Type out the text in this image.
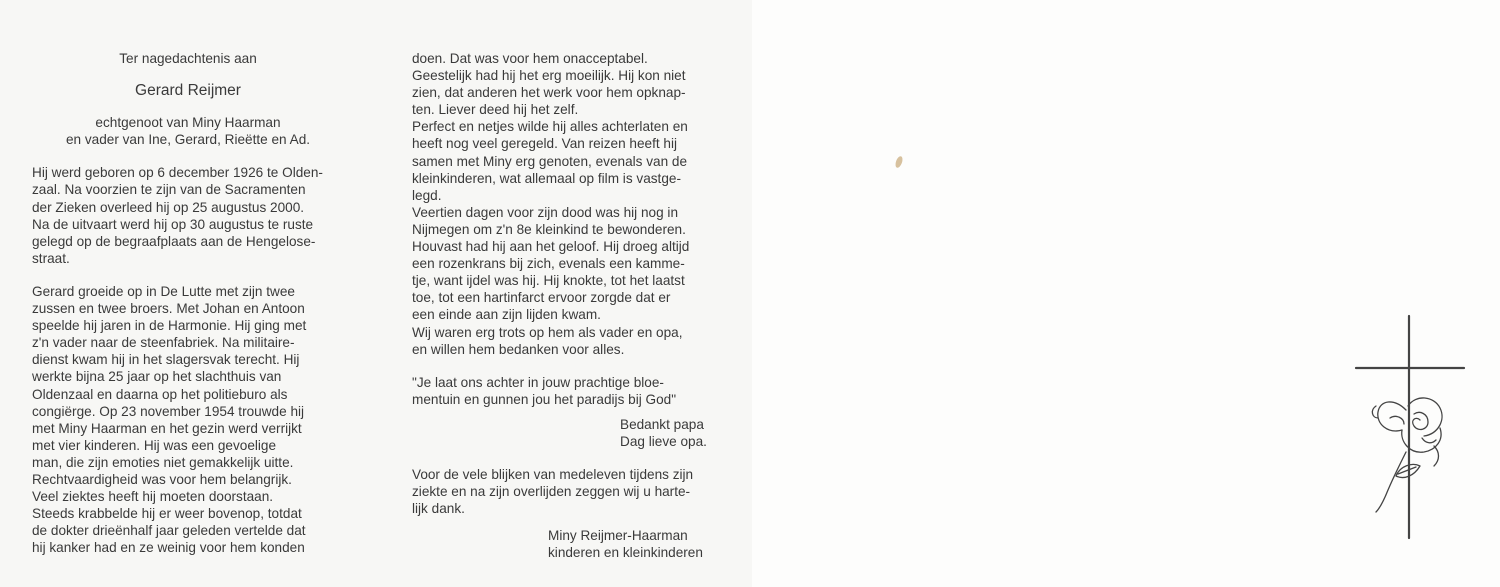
Ter nagedachtenis aan
Gerard Reijmer
echtgenoot van Miny Haarman
en vader van Ine, Gerard, Rieëtte en Ad.
Hij werd geboren op 6 december 1926 te Olden-
zaal. Na voorzien te zijn van de Sacramenten
der Zieken overleed hij op 25 augustus 2000.
Na de uitvaart werd hij op 30 augustus te ruste
gelegd op de begraafplaats aan de Hengelose-
straat.
Gerard groeide op in De Lutte met zijn twee
zussen en twee broers. Met Johan en Antoon
speelde hij jaren in de Harmonie. Hij ging met
z'n vader naar de steenfabriek. Na militaire-
dienst kwam hij in het slagersvak terecht. Hij
werkte bijna 25 jaar op het slachthuis van
Oldenzaal en daarna op het politieburo als
congiërge. Op 23 november 1954 trouwde hij
met Miny Haarman en het gezin werd verrijkt
met vier kinderen. Hij was een gevoelige
man, die zijn emoties niet gemakkelijk uitte.
Rechtvaardigheid was voor hem belangrijk.
Veel ziektes heeft hij moeten doorstaan.
Steeds krabbelde hij er weer bovenop, totdat
de dokter drieënhalf jaar geleden vertelde dat
hij kanker had en ze weinig voor hem konden
doen. Dat was voor hem onacceptabel.
Geestelijk had hij het erg moeilijk. Hij kon niet
zien, dat anderen het werk voor hem opknap-
ten. Liever deed hij het zelf.
Perfect en netjes wilde hij alles achterlaten en
heeft nog veel geregeld. Van reizen heeft hij
samen met Miny erg genoten, evenals van de
kleinkinderen, wat allemaal op film is vastge-
legd.
Veertien dagen voor zijn dood was hij nog in
Nijmegen om z'n 8e kleinkind te bewonderen.
Houvast had hij aan het geloof. Hij droeg altijd
een rozenkrans bij zich, evenals een kamme-
tje, want ijdel was hij. Hij knokte, tot het laatst
toe, tot een hartinfarct ervoor zorgde dat er
een einde aan zijn lijden kwam.
Wij waren erg trots op hem als vader en opa,
en willen hem bedanken voor alles.
"Je laat ons achter in jouw prachtige bloe-
mentuin en gunnen jou het paradijs bij God"
Bedankt papa
Dag lieve opa.
Voor de vele blijken van medeleven tijdens zijn
ziekte en na zijn overlijden zeggen wij u harte-
lijk dank.
Miny Reijmer-Haarman
kinderen en kleinkinderen
